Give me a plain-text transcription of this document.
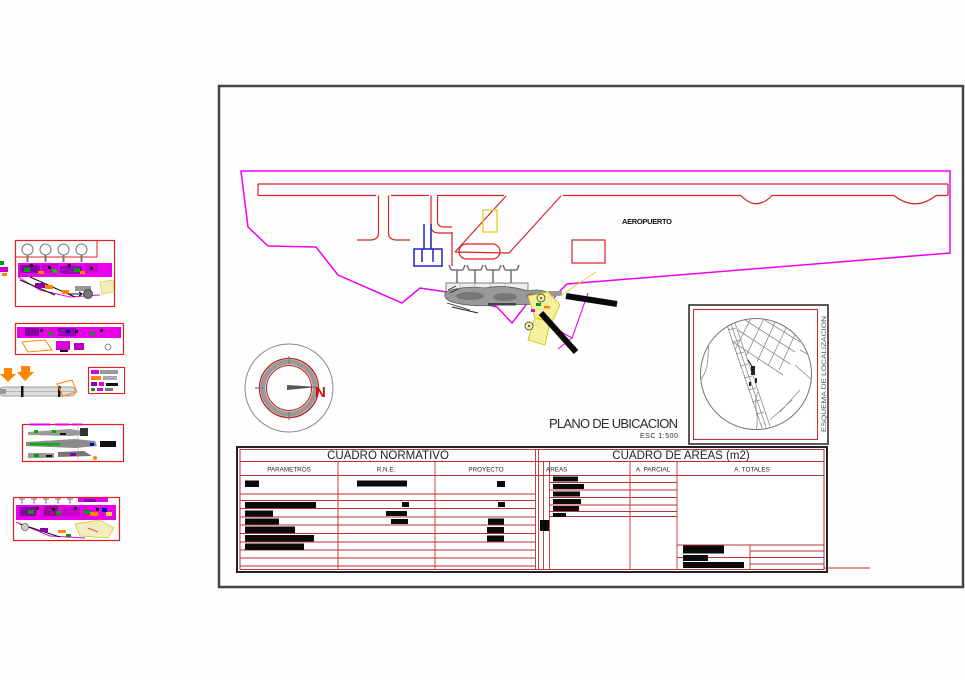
AEROPUERTO
N
PLANO DE UBICACION
ESC 1:500
ESQUEMA DE LOCALIZACION
CUADRO NORMATIVO
PARAMETROS	R.N.E.	PROYECTO
CUADRO DE AREAS (m2)
AREAS	A. PARCIAL	A. TOTALES
